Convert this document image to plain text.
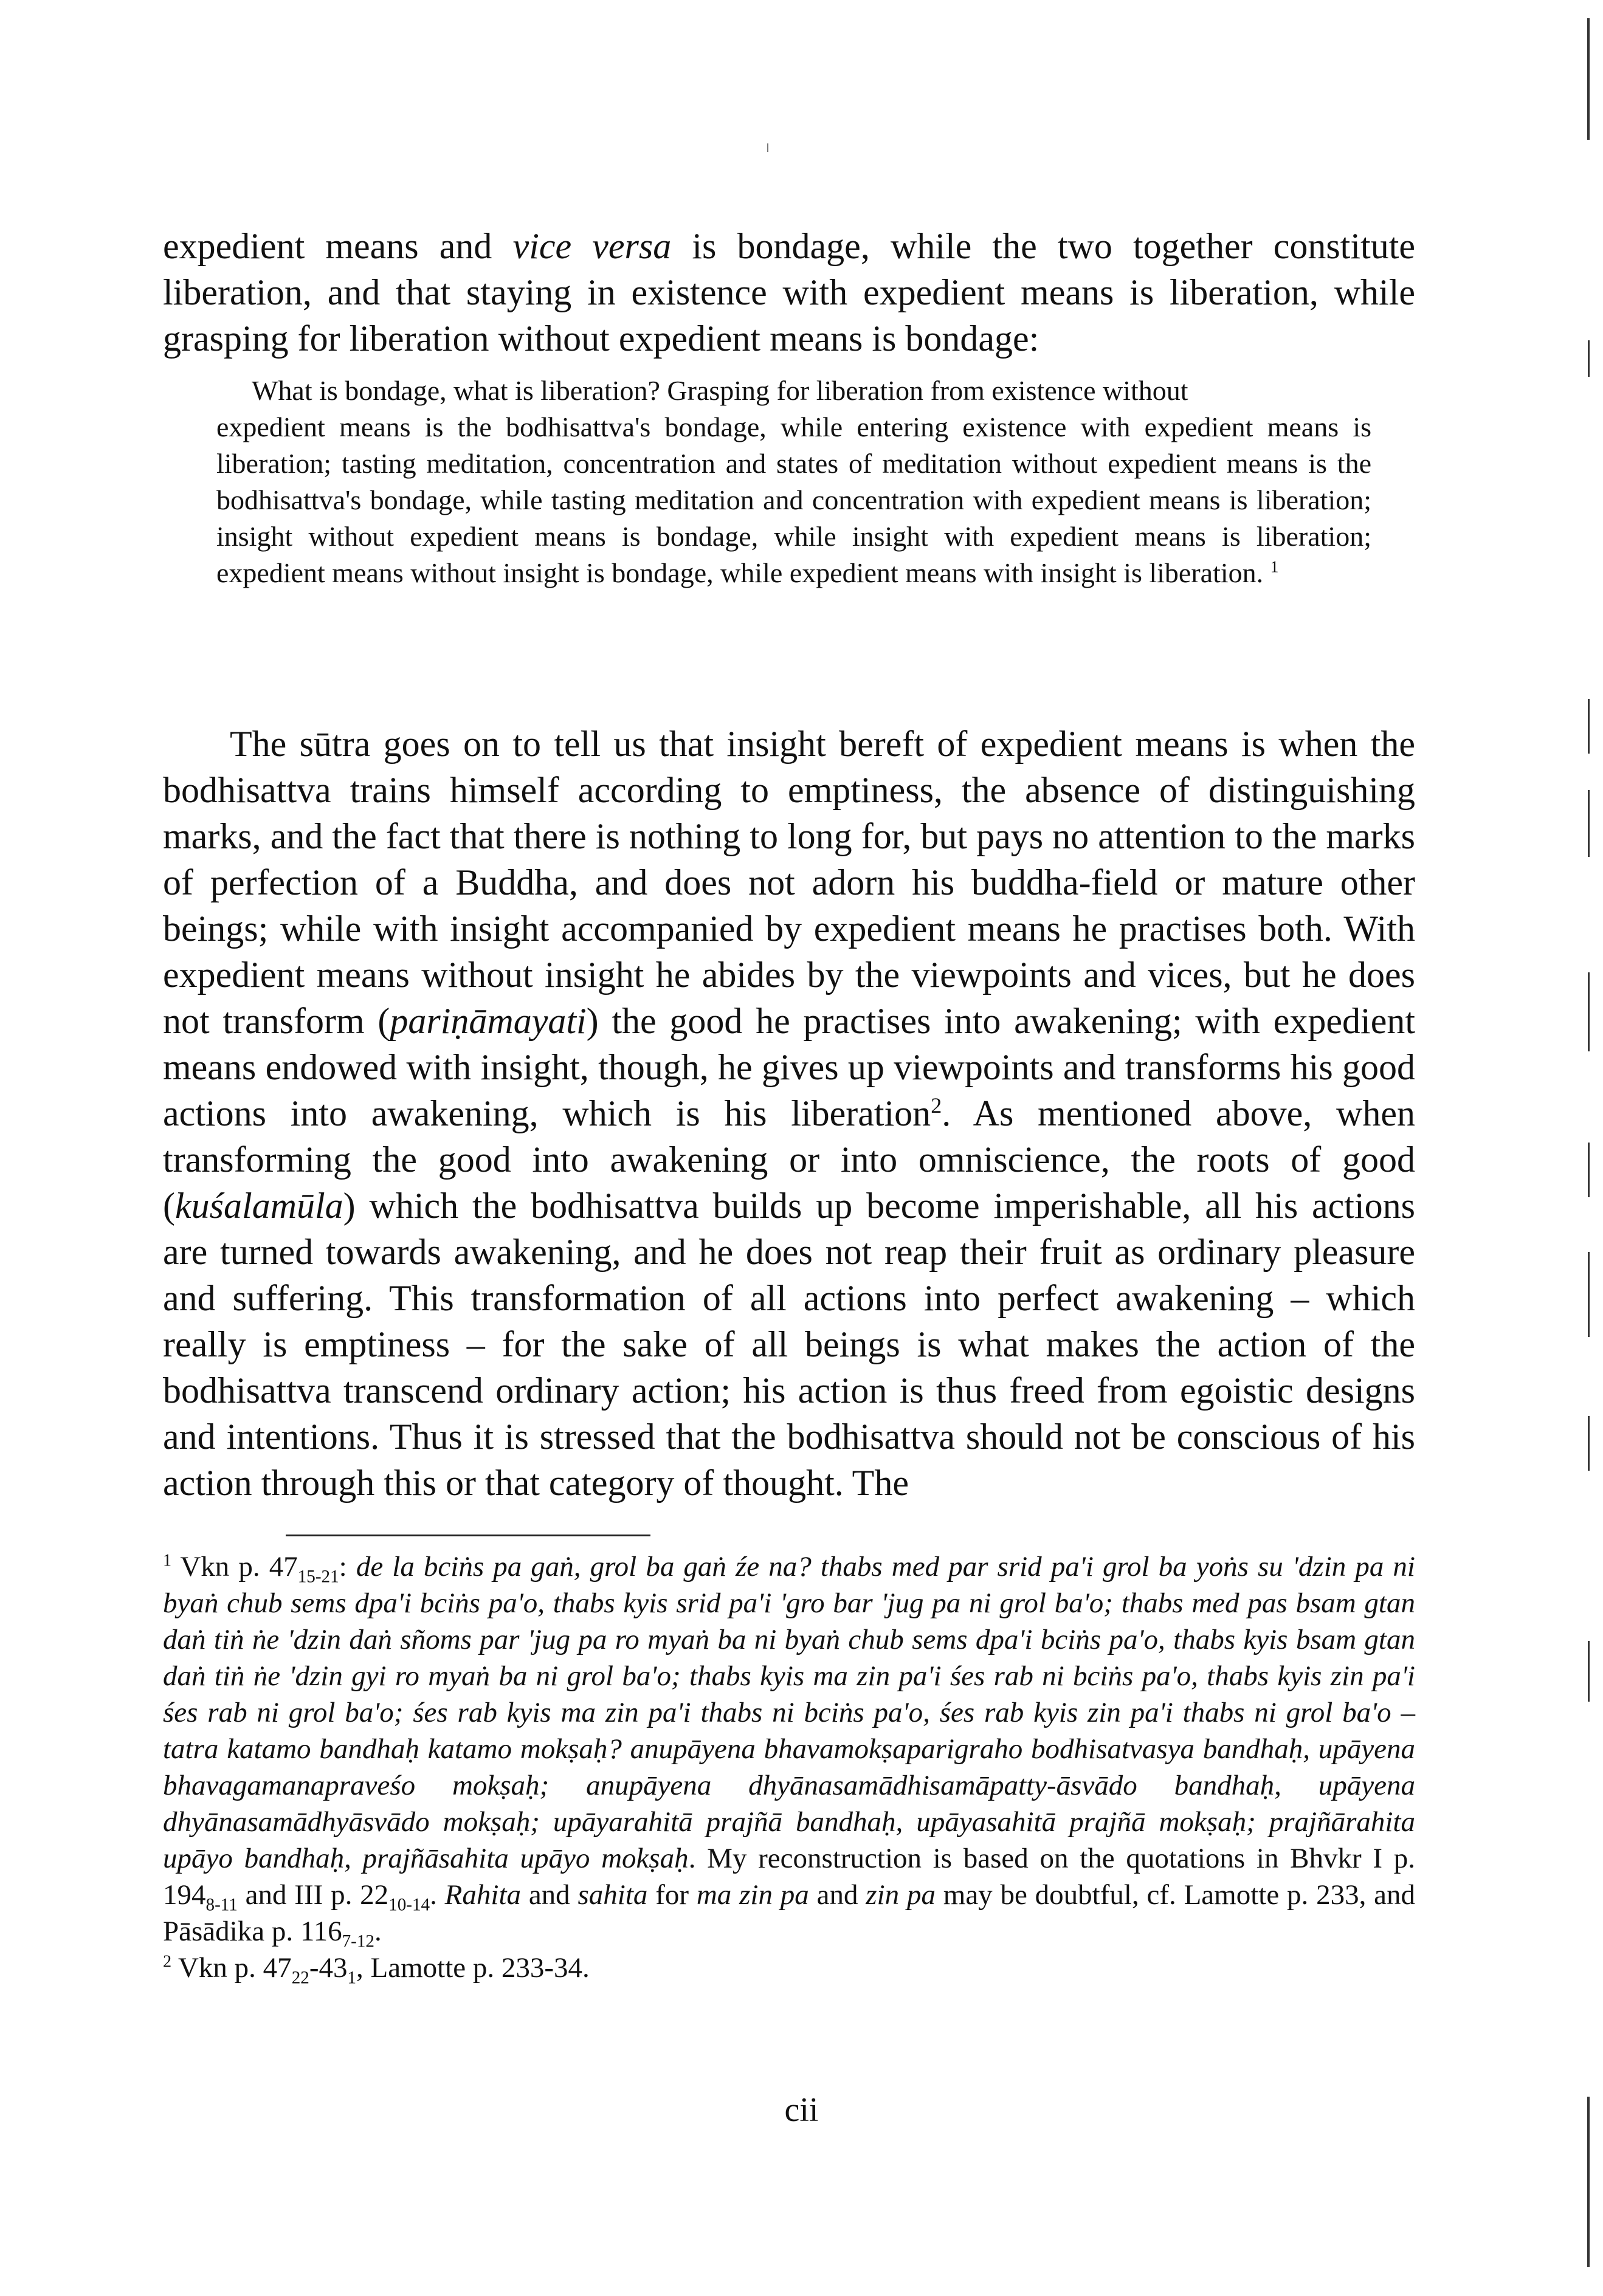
expedient means and vice versa is bondage, while the two together constitute liberation, and that staying in existence with expedient means is liberation, while grasping for liberation without expedient means is bondage:

What is bondage, what is liberation? Grasping for liberation from existence without

expedient means is the bodhisattva's bondage, while entering existence with expedient means is liberation; tasting meditation, concentration and states of meditation without expedient means is the bodhisattva's bondage, while tasting meditation and concentration with expedient means is liberation; insight without expedient means is bondage, while insight with expedient means is liberation; expedient means without insight is bondage, while expedient means with insight is liberation. $^1$

The sūtra goes on to tell us that insight bereft of expedient means is when the bodhisattva trains himself according to emptiness, the absence of distinguishing marks, and the fact that there is nothing to long for, but pays no attention to the marks of perfection of a Buddha, and does not adorn his buddha-field or mature other beings; while with insight accompanied by expedient means he practises both. With expedient means without insight he abides by the viewpoints and vices, but he does not transform (pariṇāmayati) the good he practises into awakening; with expedient means endowed with insight, though, he gives up viewpoints and transforms his good actions into awakening, which is his liberation$^2$. As mentioned above, when transforming the good into awakening or into omniscience, the roots of good (kuśalamūla) which the bodhisattva builds up become imperishable, all his actions are turned towards awakening, and he does not reap their fruit as ordinary pleasure and suffering. This transformation of all actions into perfect awakening – which really is emptiness – for the sake of all beings is what makes the action of the bodhisattva transcend ordinary action; his action is thus freed from egoistic designs and intentions. Thus it is stressed that the bodhisattva should not be conscious of his action through this or that category of thought. The

$^1$ Vkn p. $47_{15-21}$: de la bciṅs pa gaṅ, grol ba gaṅ źe na? thabs med par srid pa'i grol ba yoṅs su 'dzin pa ni byaṅ chub sems dpa'i bciṅs pa'o, thabs kyis srid pa'i 'gro bar 'jug pa ni grol ba'o; thabs med pas bsam gtan daṅ tiṅ ṅe 'dzin daṅ sñoms par 'jug pa ro myaṅ ba ni byaṅ chub sems dpa'i bciṅs pa'o, thabs kyis bsam gtan daṅ tiṅ ṅe 'dzin gyi ro myaṅ ba ni grol ba'o; thabs kyis ma zin pa'i śes rab ni bciṅs pa'o, thabs kyis zin pa'i śes rab ni grol ba'o; śes rab kyis ma zin pa'i thabs ni bciṅs pa'o, śes rab kyis zin pa'i thabs ni grol ba'o – tatra katamo bandhaḥ katamo mokṣaḥ? anupāyena bhavamokṣaparigraho bodhisatvasya bandhaḥ, upāyena bhavagamanapraveśo mokṣaḥ; anupāyena dhyānasamādhisamāpatty-āsvādo bandhaḥ, upāyena dhyānasamādhyāsvādo mokṣaḥ; upāyarahitā prajñā bandhaḥ, upāyasahitā prajñā mokṣaḥ; prajñārahita upāyo bandhaḥ, prajñāsahita upāyo mokṣaḥ. My reconstruction is based on the quotations in Bhvkr I p. $194_{8-11}$ and III p. $22_{10-14}$. Rahita and sahita for ma zin pa and zin pa may be doubtful, cf. Lamotte p. 233, and Pāsādika p. $116_{7-12}$.

$^2$ Vkn p. $47_{22}-43_1$, Lamotte p. 233-34.

cii
